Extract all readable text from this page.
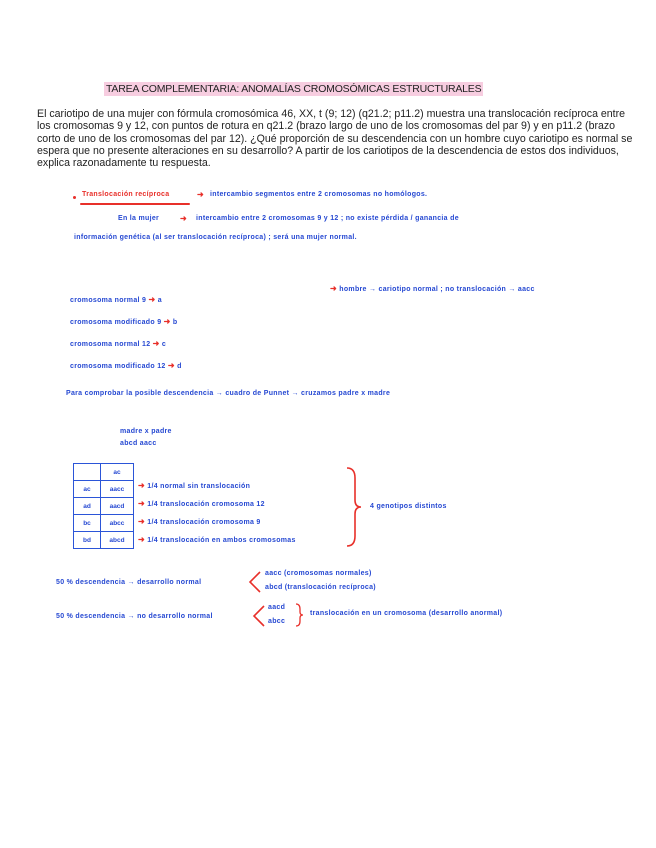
TAREA COMPLEMENTARIA: ANOMALÍAS CROMOSÓMICAS ESTRUCTURALES
El cariotipo de una mujer con fórmula cromosómica 46, XX, t (9; 12) (q21.2; p11.2) muestra una translocación recíproca entre los cromosomas 9 y 12, con puntos de rotura en q21.2 (brazo largo de uno de los cromosomas del par 9) y en p11.2 (brazo corto de uno de los cromosomas del par 12). ¿Qué proporción de su descendencia con un hombre cuyo cariotipo es normal se espera que no presente alteraciones en su desarrollo? A partir de los cariotipos de la descendencia de estos dos individuos, explica razonadamente tu respuesta.
Translocación recíproca	➜ intercambio segmentos entre 2 cromosomas no homólogos.
En la mujer	➜ intercambio entre 2 cromosomas 9 y 12 ; no existe pérdida / ganancia de
información genética (al ser translocación recíproca) ; será una mujer normal.
➜ hombre → cariotipo normal ; no translocación → aacc
cromosoma normal 9 ➜ a
cromosoma modificado 9 ➜ b
cromosoma normal 12 ➜ c
cromosoma modificado 12 ➜ d
Para comprobar la posible descendencia → cuadro de Punnet → cruzamos padre x madre
madre x padre
abcd aacc
	ac
ac	aacc
ad	aacd
bc	abcc
bd	abcd
➜ 1/4 normal sin translocación
➜ 1/4 translocación cromosoma 12
➜ 1/4 translocación cromosoma 9
➜ 1/4 translocación en ambos cromosomas
4 genotipos distintos
50 % descendencia → desarrollo normal
aacc (cromosomas normales)
abcd (translocación recíproca)
50 % descendencia → no desarrollo normal
aacd
abcc
translocación en un cromosoma (desarrollo anormal)
